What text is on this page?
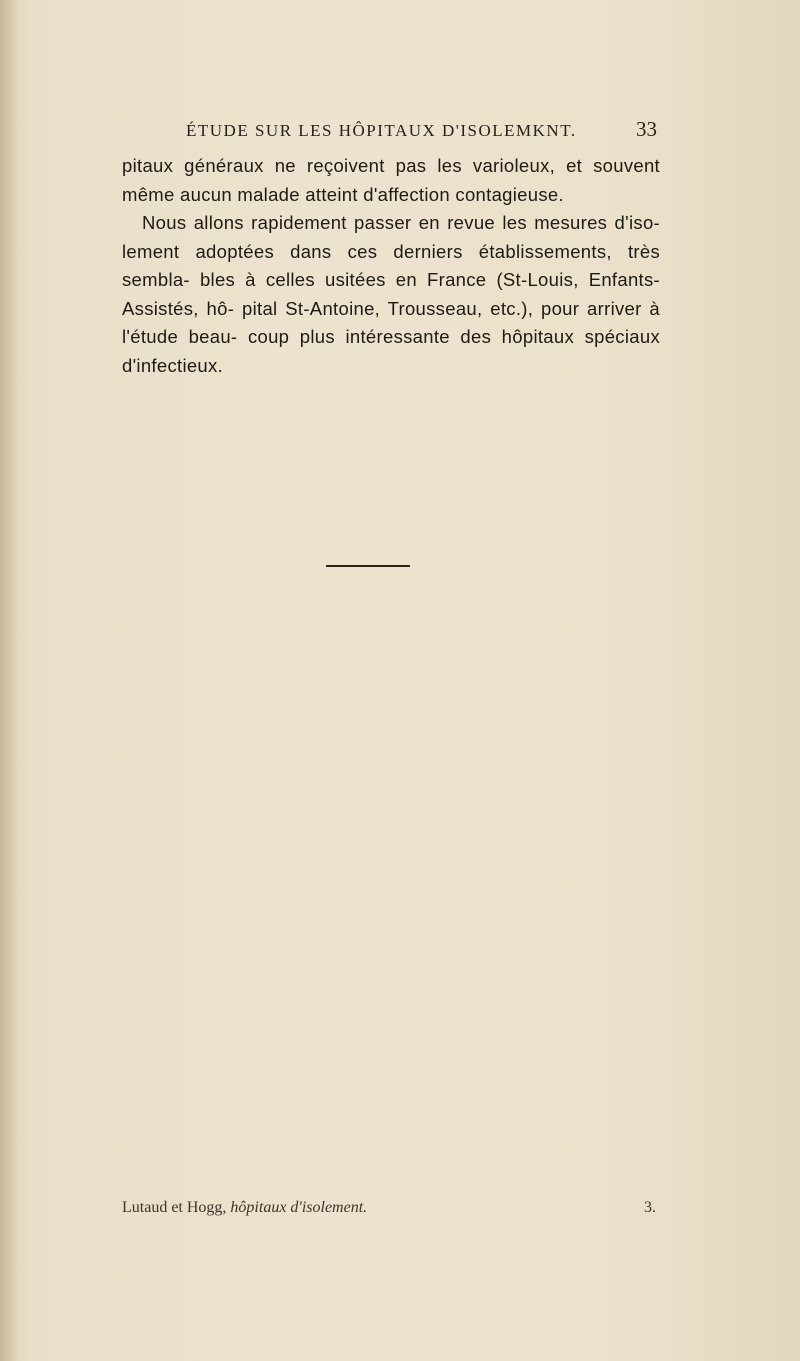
ÉTUDE SUR LES HÔPITAUX D'ISOLEMKNT.	33

pitaux généraux ne reçoivent pas les varioleux, et souvent même aucun malade atteint d'affection contagieuse.

Nous allons rapidement passer en revue les mesures d'iso- lement adoptées dans ces derniers établissements, très sembla- bles à celles usitées en France (St-Louis, Enfants-Assistés, hô- pital St-Antoine, Trousseau, etc.), pour arriver à l'étude beau- coup plus intéressante des hôpitaux spéciaux d'infectieux.

Lutaud et Hogg, hôpitaux d'isolement.	3.
